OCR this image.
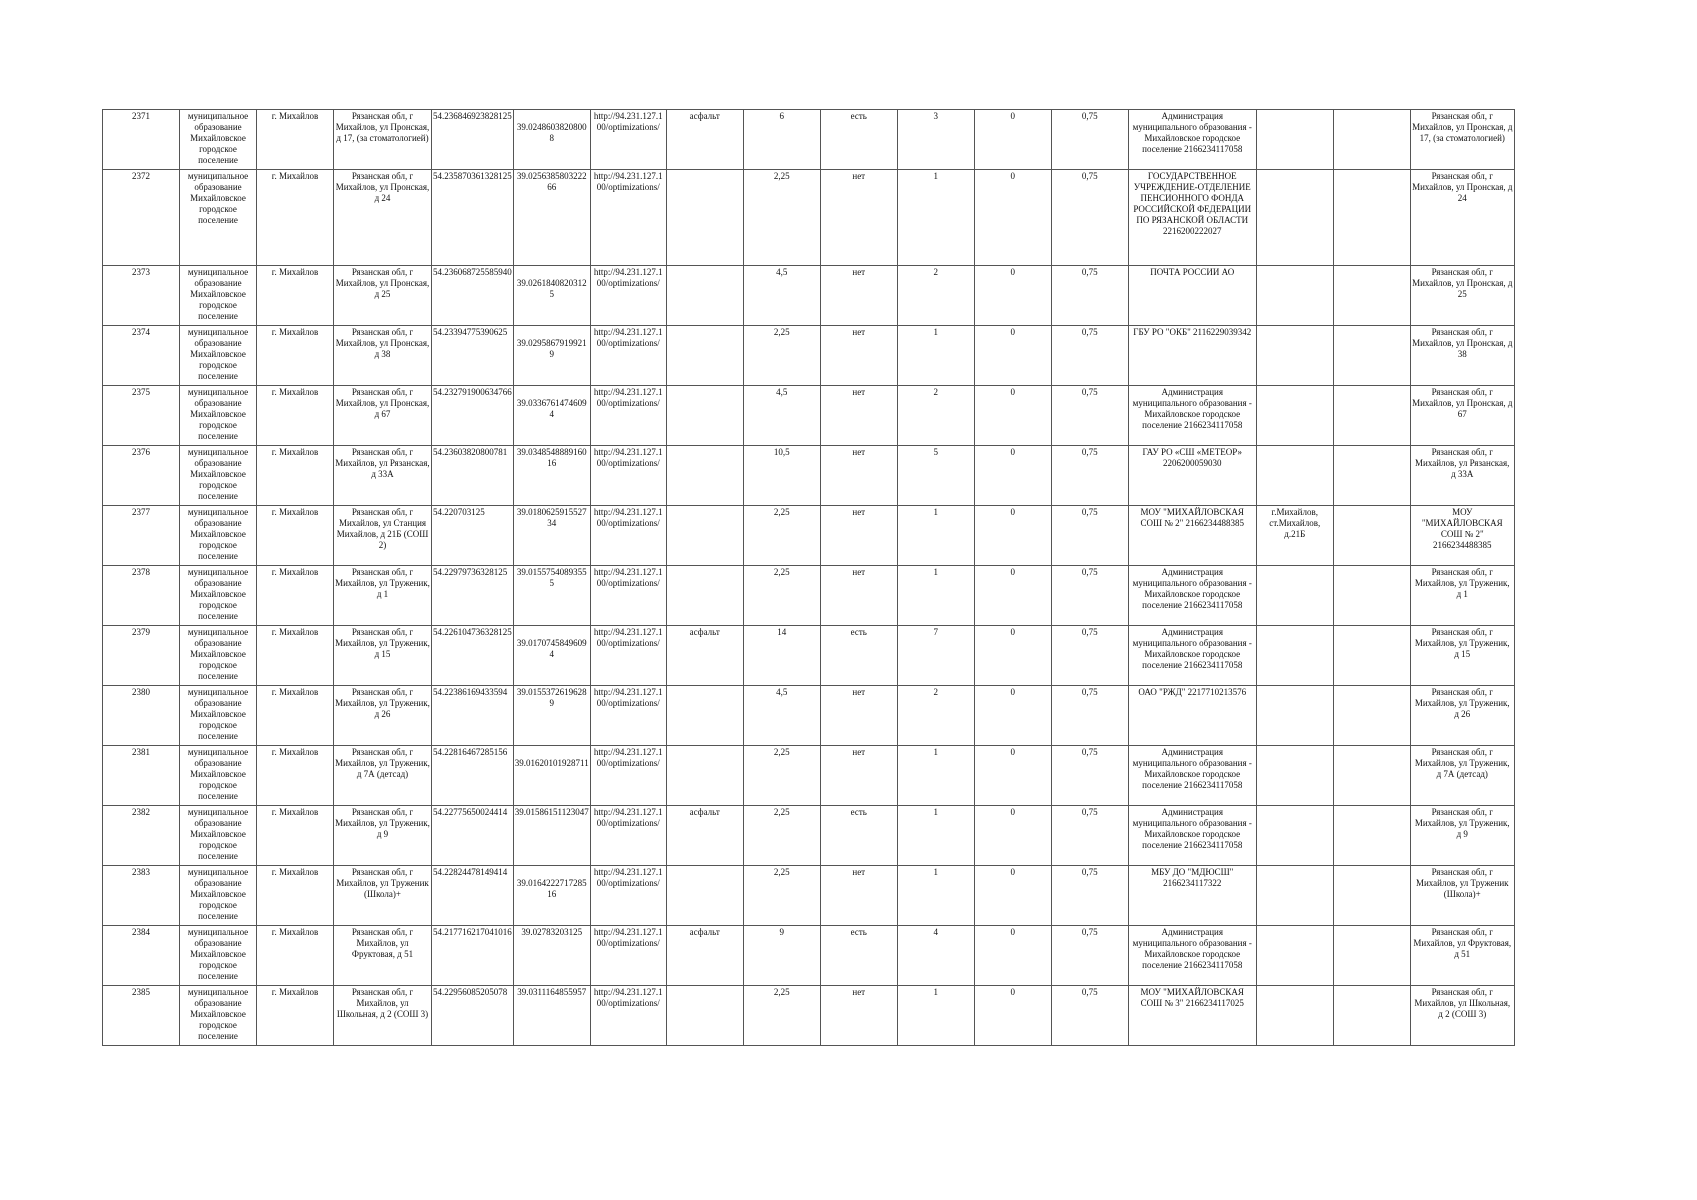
2371	муниципальное образование Михайловское городское поселение	г. Михайлов	Рязанская обл, г Михайлов, ул Пронская, д 17, (за стоматологией)	54.236846923828125	39.02486038208008	http://94.231.127.100/optimizations/	асфальт	6	есть	3	0	0,75	Администрация муниципального образования - Михайловское городское поселение 2166234117058			Рязанская обл, г Михайлов, ул Пронская, д 17, (за стоматологией)
2372	муниципальное образование Михайловское городское поселение	г. Михайлов	Рязанская обл, г Михайлов, ул Пронская, д 24	54.235870361328125	39.025638580322266	http://94.231.127.100/optimizations/		2,25	нет	1	0	0,75	ГОСУДАРСТВЕННОЕ УЧРЕЖДЕНИЕ-ОТДЕЛЕНИЕ ПЕНСИОННОГО ФОНДА РОССИЙСКОЙ ФЕДЕРАЦИИ ПО РЯЗАНСКОЙ ОБЛАСТИ 2216200222027			Рязанская обл, г Михайлов, ул Пронская, д 24
2373	муниципальное образование Михайловское городское поселение	г. Михайлов	Рязанская обл, г Михайлов, ул Пронская, д 25	54.236068725585940	39.02618408203125	http://94.231.127.100/optimizations/		4,5	нет	2	0	0,75	ПОЧТА РОССИИ АО			Рязанская обл, г Михайлов, ул Пронская, д 25
2374	муниципальное образование Михайловское городское поселение	г. Михайлов	Рязанская обл, г Михайлов, ул Пронская, д 38	54.23394775390625	39.02958679199219	http://94.231.127.100/optimizations/		2,25	нет	1	0	0,75	ГБУ РО "ОКБ" 2116229039342			Рязанская обл, г Михайлов, ул Пронская, д 38
2375	муниципальное образование Михайловское городское поселение	г. Михайлов	Рязанская обл, г Михайлов, ул Пронская, д 67	54.232791900634766	39.03367614746094	http://94.231.127.100/optimizations/		4,5	нет	2	0	0,75	Администрация муниципального образования - Михайловское городское поселение 2166234117058			Рязанская обл, г Михайлов, ул Пронская, д 67
2376	муниципальное образование Михайловское городское поселение	г. Михайлов	Рязанская обл, г Михайлов, ул Рязанская, д 33А	54.23603820800781	39.034854888916016	http://94.231.127.100/optimizations/		10,5	нет	5	0	0,75	ГАУ РО «СШ «МЕТЕОР» 2206200059030			Рязанская обл, г Михайлов, ул Рязанская, д 33А
2377	муниципальное образование Михайловское городское поселение	г. Михайлов	Рязанская обл, г Михайлов, ул Станция Михайлов, д 21Б (СОШ 2)	54.220703125	39.018062591552734	http://94.231.127.100/optimizations/		2,25	нет	1	0	0,75	МОУ "МИХАЙЛОВСКАЯ СОШ № 2" 2166234488385	г.Михайлов, ст.Михайлов, д.21Б		МОУ "МИХАЙЛОВСКАЯ СОШ № 2" 2166234488385
2378	муниципальное образование Михайловское городское поселение	г. Михайлов	Рязанская обл, г Михайлов, ул Труженик, д 1	54.22979736328125	39.01557540893555	http://94.231.127.100/optimizations/		2,25	нет	1	0	0,75	Администрация муниципального образования - Михайловское городское поселение 2166234117058			Рязанская обл, г Михайлов, ул Труженик, д 1
2379	муниципальное образование Михайловское городское поселение	г. Михайлов	Рязанская обл, г Михайлов, ул Труженик, д 15	54.226104736328125	39.01707458496094	http://94.231.127.100/optimizations/	асфальт	14	есть	7	0	0,75	Администрация муниципального образования - Михайловское городское поселение 2166234117058			Рязанская обл, г Михайлов, ул Труженик, д 15
2380	муниципальное образование Михайловское городское поселение	г. Михайлов	Рязанская обл, г Михайлов, ул Труженик, д 26	54.22386169433594	39.01553726196289	http://94.231.127.100/optimizations/		4,5	нет	2	0	0,75	ОАО "РЖД" 2217710213576			Рязанская обл, г Михайлов, ул Труженик, д 26
2381	муниципальное образование Михайловское городское поселение	г. Михайлов	Рязанская обл, г Михайлов, ул Труженик, д 7А (детсад)	54.22816467285156	39.01620101928711	http://94.231.127.100/optimizations/		2,25	нет	1	0	0,75	Администрация муниципального образования - Михайловское городское поселение 2166234117058			Рязанская обл, г Михайлов, ул Труженик, д 7А (детсад)
2382	муниципальное образование Михайловское городское поселение	г. Михайлов	Рязанская обл, г Михайлов, ул Труженик, д 9	54.22775650024414	39.01586151123047	http://94.231.127.100/optimizations/	асфальт	2,25	есть	1	0	0,75	Администрация муниципального образования - Михайловское городское поселение 2166234117058			Рязанская обл, г Михайлов, ул Труженик, д 9
2383	муниципальное образование Михайловское городское поселение	г. Михайлов	Рязанская обл, г Михайлов, ул Труженик (Школа)+	54.22824478149414	39.016422271728516	http://94.231.127.100/optimizations/		2,25	нет	1	0	0,75	МБУ ДО "МДЮСШ" 2166234117322			Рязанская обл, г Михайлов, ул Труженик (Школа)+
2384	муниципальное образование Михайловское городское поселение	г. Михайлов	Рязанская обл, г Михайлов, ул Фруктовая, д 51	54.217716217041016	39.02783203125	http://94.231.127.100/optimizations/	асфальт	9	есть	4	0	0,75	Администрация муниципального образования - Михайловское городское поселение 2166234117058			Рязанская обл, г Михайлов, ул Фруктовая, д 51
2385	муниципальное образование Михайловское городское поселение	г. Михайлов	Рязанская обл, г Михайлов, ул Школьная, д 2 (СОШ 3)	54.22956085205078	39.0311164855957	http://94.231.127.100/optimizations/		2,25	нет	1	0	0,75	МОУ "МИХАЙЛОВСКАЯ СОШ № 3" 2166234117025			Рязанская обл, г Михайлов, ул Школьная, д 2 (СОШ 3)
